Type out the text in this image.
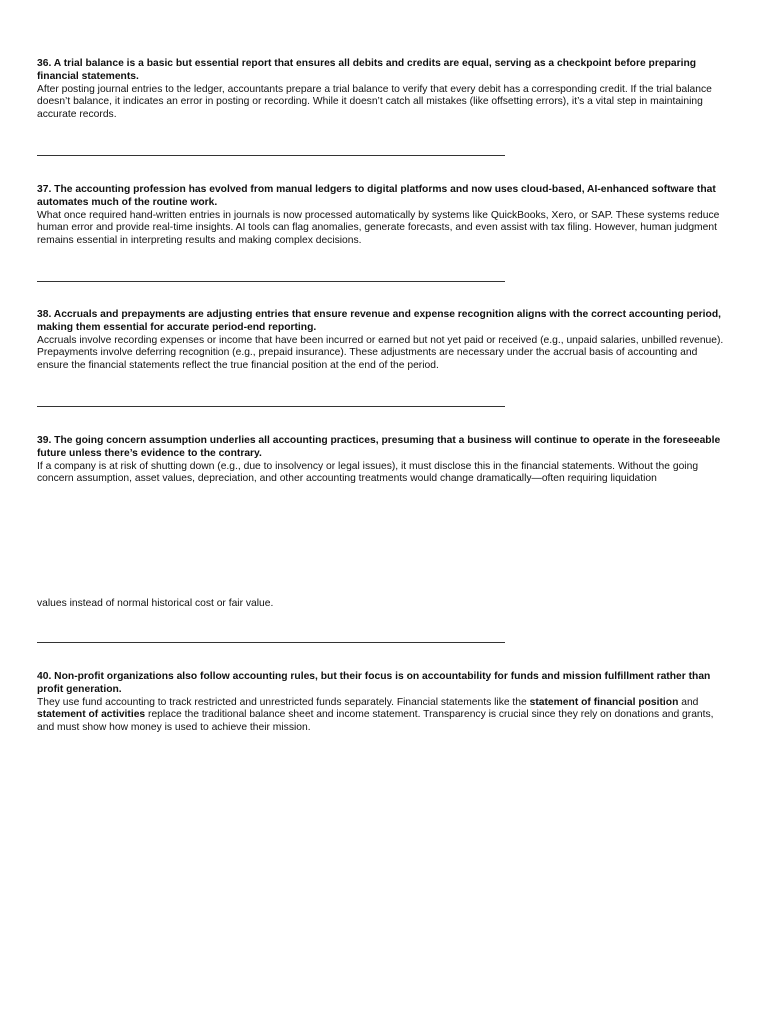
36. A trial balance is a basic but essential report that ensures all debits and credits are equal, serving as a checkpoint before preparing financial statements.

After posting journal entries to the ledger, accountants prepare a trial balance to verify that every debit has a corresponding credit. If the trial balance doesn’t balance, it indicates an error in posting or recording. While it doesn’t catch all mistakes (like offsetting errors), it’s a vital step in maintaining accurate records.

37. The accounting profession has evolved from manual ledgers to digital platforms and now uses cloud-based, AI-enhanced software that automates much of the routine work.

What once required hand-written entries in journals is now processed automatically by systems like QuickBooks, Xero, or SAP. These systems reduce human error and provide real-time insights. AI tools can flag anomalies, generate forecasts, and even assist with tax filing. However, human judgment remains essential in interpreting results and making complex decisions.

38. Accruals and prepayments are adjusting entries that ensure revenue and expense recognition aligns with the correct accounting period, making them essential for accurate period-end reporting.

Accruals involve recording expenses or income that have been incurred or earned but not yet paid or received (e.g., unpaid salaries, unbilled revenue). Prepayments involve deferring recognition (e.g., prepaid insurance). These adjustments are necessary under the accrual basis of accounting and ensure the financial statements reflect the true financial position at the end of the period.

39. The going concern assumption underlies all accounting practices, presuming that a business will continue to operate in the foreseeable future unless there’s evidence to the contrary.

If a company is at risk of shutting down (e.g., due to insolvency or legal issues), it must disclose this in the financial statements. Without the going concern assumption, asset values, depreciation, and other accounting treatments would change dramatically—often requiring liquidation

values instead of normal historical cost or fair value.

40. Non-profit organizations also follow accounting rules, but their focus is on accountability for funds and mission fulfillment rather than profit generation.

They use fund accounting to track restricted and unrestricted funds separately. Financial statements like the statement of financial position and statement of activities replace the traditional balance sheet and income statement. Transparency is crucial since they rely on donations and grants, and must show how money is used to achieve their mission.
